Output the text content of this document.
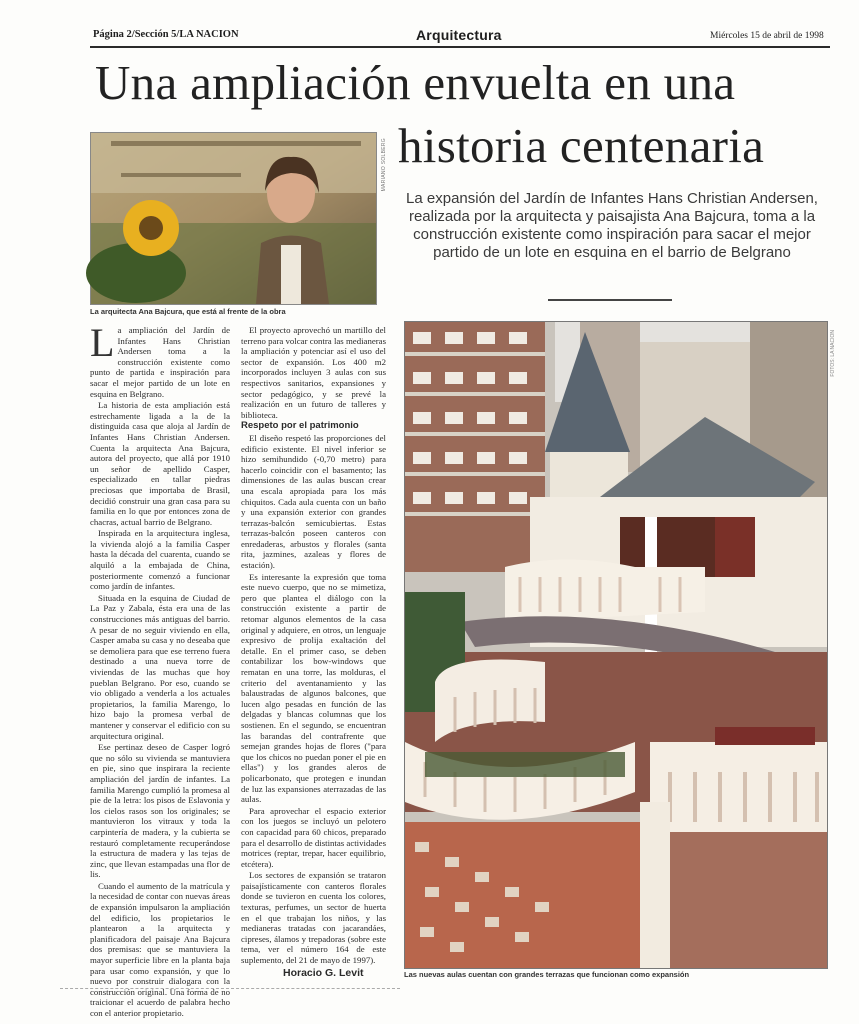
Página 2/Sección 5/LA NACION	Arquitectura	Miércoles 15 de abril de 1998
Una ampliación envuelta en una
historia centenaria
La expansión del Jardín de Infantes Hans Christian Andersen, realizada por la arquitecta y paisajista Ana Bajcura, toma a la construcción existente como inspiración para sacar el mejor partido de un lote en esquina en el barrio de Belgrano
MARIANO SOLBERG
La arquitecta Ana Bajcura, que está al frente de la obra

La ampliación del Jardín de Infantes Hans Christian Andersen toma a la construcción existente como punto de partida e inspiración para sacar el mejor partido de un lote en esquina en Belgrano.

La historia de esta ampliación está estrechamente ligada a la de la distinguida casa que aloja al Jardín de Infantes Hans Christian Andersen. Cuenta la arquitecta Ana Bajcura, autora del proyecto, que allá por 1910 un señor de apellido Casper, especializado en tallar piedras preciosas que importaba de Brasil, decidió construir una gran casa para su familia en lo que por entonces zona de chacras, actual barrio de Belgrano.

Inspirada en la arquitectura inglesa, la vivienda alojó a la familia Casper hasta la década del cuarenta, cuando se alquiló a la embajada de China, posteriormente comenzó a funcionar como jardín de infantes.

Situada en la esquina de Ciudad de La Paz y Zabala, ésta era una de las construcciones más antiguas del barrio. A pesar de no seguir viviendo en ella, Casper amaba su casa y no deseaba que se demoliera para que ese terreno fuera destinado a una nueva torre de viviendas de las muchas que hoy pueblan Belgrano. Por eso, cuando se vio obligado a venderla a los actuales propietarios, la familia Marengo, lo hizo bajo la promesa verbal de mantener y conservar el edificio con su arquitectura original.

Ese pertinaz deseo de Casper logró que no sólo su vivienda se mantuviera en pie, sino que inspirara la reciente ampliación del jardín de infantes. La familia Marengo cumplió la promesa al pie de la letra: los pisos de Eslavonia y los cielos rasos son los originales; se mantuvieron los vitraux y toda la carpintería de madera, y la cubierta se restauró completamente recuperándose la estructura de madera y las tejas de zinc, que llevan estampadas una flor de lis.

Cuando el aumento de la matrícula y la necesidad de contar con nuevas áreas de expansión impulsaron la ampliación del edificio, los propietarios le plantearon a la arquitecta y planificadora del paisaje Ana Bajcura dos premisas: que se mantuviera la mayor superficie libre en la planta baja para usar como expansión, y que lo nuevo por construir dialogara con la construcción original. Una forma de no traicionar el acuerdo de palabra hecho con el anterior propietario.

El proyecto aprovechó un martillo del terreno para volcar contra las medianeras la ampliación y potenciar así el uso del sector de expansión. Los 400 m2 incorporados incluyen 3 aulas con sus respectivos sanitarios, expansiones y sector pedagógico, y se prevé la realización en un futuro de talleres y biblioteca.

Respeto por el patrimonio

El diseño respetó las proporciones del edificio existente. El nivel inferior se hizo semihundido (-0,70 metro) para hacerlo coincidir con el basamento; las dimensiones de las aulas buscan crear una escala apropiada para los más chiquitos. Cada aula cuenta con un baño y una expansión exterior con grandes terrazas-balcón semicubiertas. Estas terrazas-balcón poseen canteros con enredaderas, arbustos y florales (santa rita, jazmines, azaleas y flores de estación).

Es interesante la expresión que toma este nuevo cuerpo, que no se mimetiza, pero que plantea el diálogo con la construcción existente a partir de retomar algunos elementos de la casa original y adquiere, en otros, un lenguaje expresivo de prolija exaltación del detalle. En el primer caso, se deben contabilizar los bow-windows que rematan en una torre, las molduras, el criterio del aventanamiento y las balaustradas de algunos balcones, que lucen algo pesadas en función de las delgadas y blancas columnas que los sostienen. En el segundo, se encuentran las barandas del contrafrente que semejan grandes hojas de flores ("para que los chicos no puedan poner el pie en ellas") y los grandes aleros de policarbonato, que protegen e inundan de luz las expansiones aterrazadas de las aulas.

Para aprovechar el espacio exterior con los juegos se incluyó un pelotero con capacidad para 60 chicos, preparado para el desarrollo de distintas actividades motrices (reptar, trepar, hacer equilibrio, etcétera).

Los sectores de expansión se trataron paisajísticamente con canteros florales donde se tuvieron en cuenta los colores, texturas, perfumes, un sector de huerta en el que trabajan los niños, y las medianeras tratadas con jacarandáes, cipreses, álamos y trepadoras (sobre este tema, ver el número 164 de este suplemento, del 21 de mayo de 1997).

Horacio G. Levit
FOTOS: LA NACION
Las nuevas aulas cuentan con grandes terrazas que funcionan como expansión
